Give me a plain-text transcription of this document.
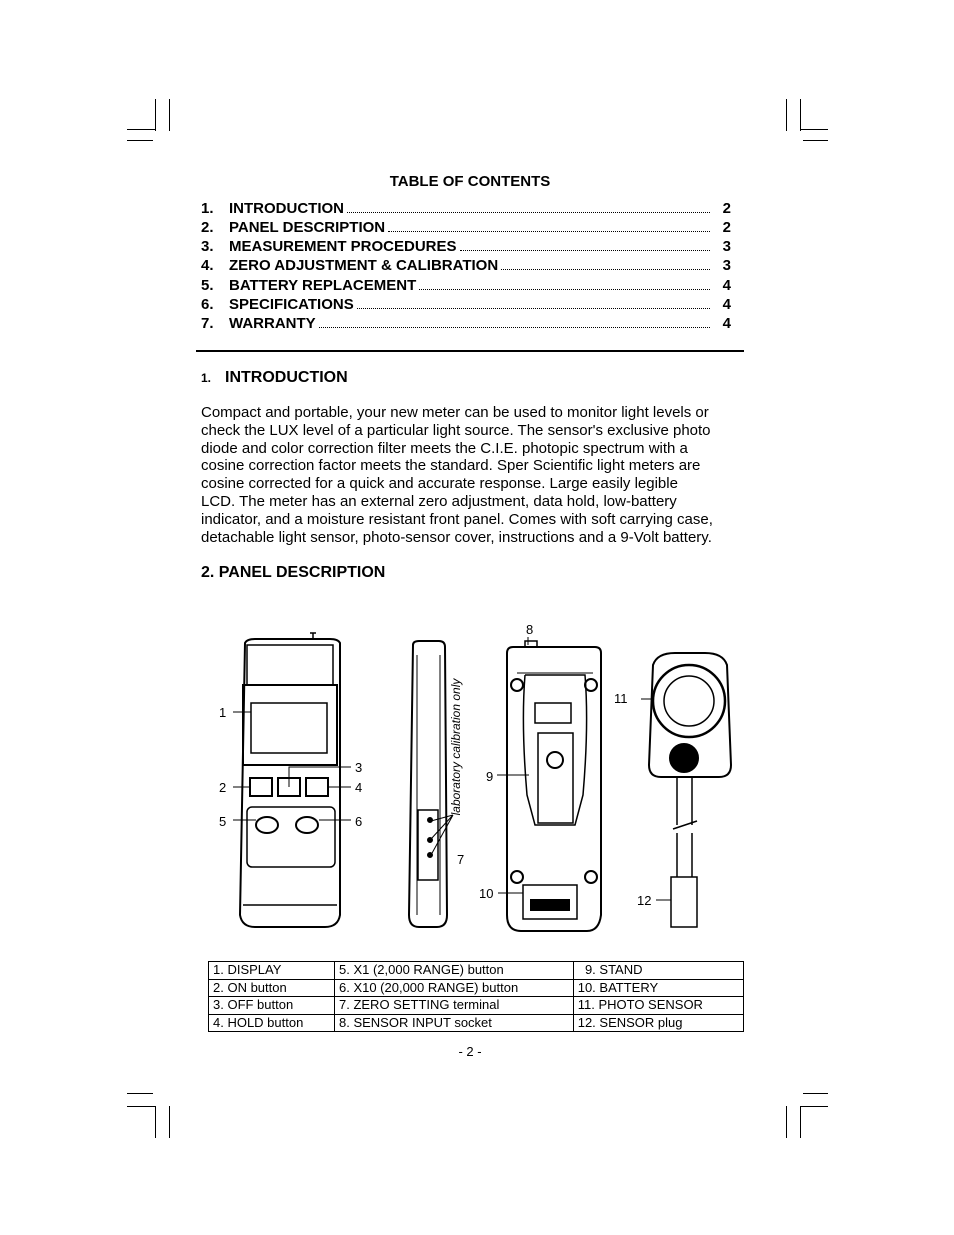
TABLE OF CONTENTS
1.	INTRODUCTION	2
2.	PANEL DESCRIPTION	2
3.	MEASUREMENT PROCEDURES	3
4.	ZERO ADJUSTMENT & CALIBRATION	3
5.	BATTERY REPLACEMENT	4
6.	SPECIFICATIONS	4
7.	WARRANTY	4
1. INTRODUCTION
Compact and portable, your new meter can be used to monitor light levels or
check the LUX level of a particular light source. The sensor's exclusive photo
diode and color correction filter meets the C.I.E. photopic spectrum with a
cosine correction factor meets the standard. Sper Scientific light meters are
cosine corrected for a quick and accurate response. Large easily legible
LCD. The meter has an external zero adjustment, data hold, low-battery
indicator, and a moisture resistant front panel. Comes with soft carrying case,
detachable light sensor, photo-sensor cover, instructions and a 9-Volt battery.
2. PANEL DESCRIPTION
1
2
3
4
5	6
7
8
9
10
11
12
laboratory calibration only
1. DISPLAY	5. X1 (2,000 RANGE) button	9. STAND
2. ON button	6. X10 (20,000 RANGE) button	10. BATTERY
3. OFF button	7. ZERO SETTING terminal	11. PHOTO SENSOR
4. HOLD button	8. SENSOR INPUT socket	12. SENSOR plug
- 2 -
